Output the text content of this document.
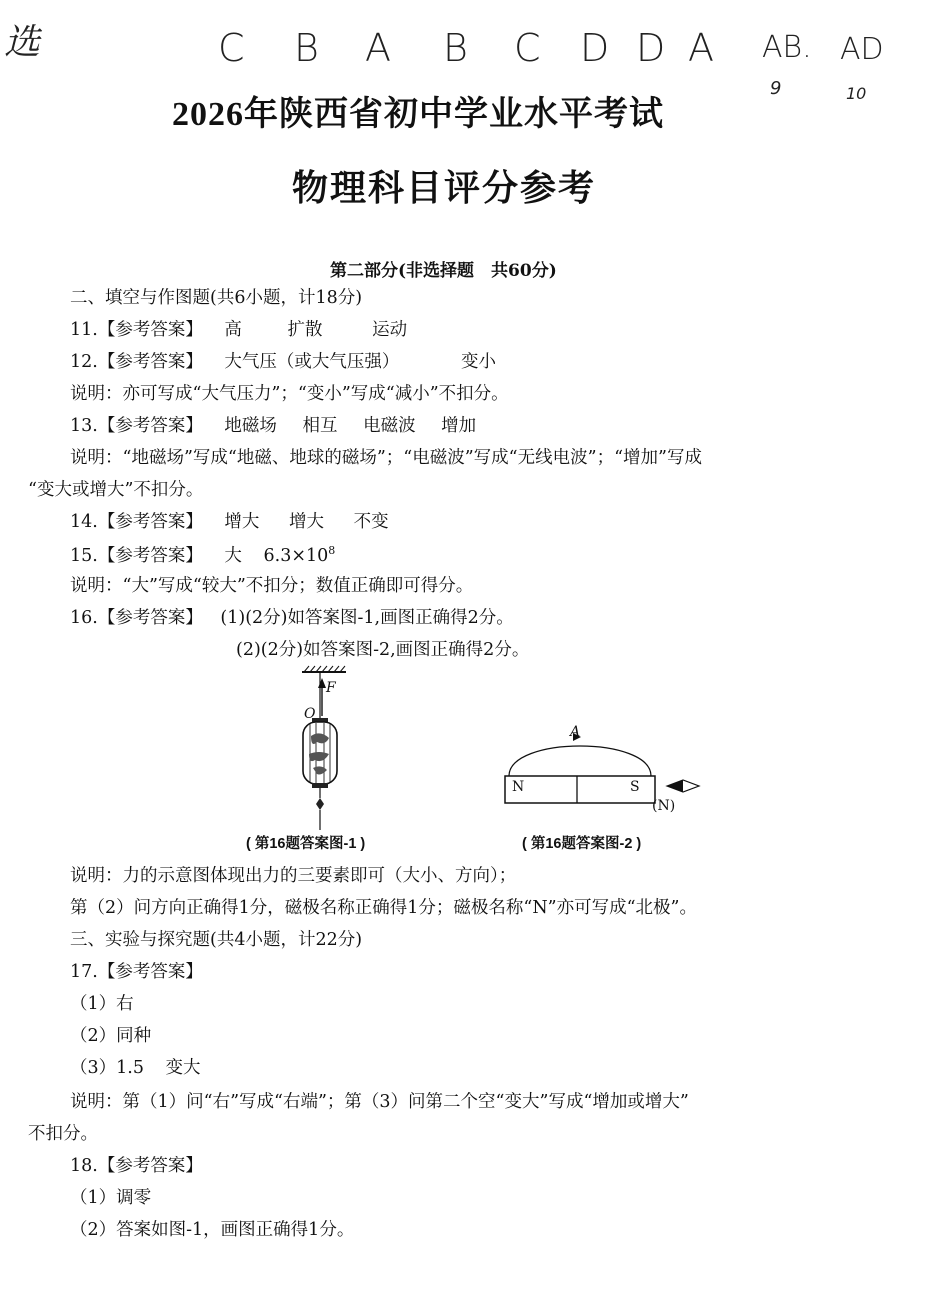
选	C B A B C D D A AB. AD
9	10
2026年陕西省初中学业水平考试
物理科目评分参考
第二部分(非选择题　共60分)
二、填空与作图题(共6小题，计18分)
11.【参考答案】 高	扩散	运动
12.【参考答案】 大气压（或大气压强）	变小
说明：亦可写成“大气压力”；“变小”写成“减小”不扣分。
13.【参考答案】 地磁场 相互 电磁波 增加
说明：“地磁场”写成“地磁、地球的磁场”；“电磁波”写成“无线电波”；“增加”写成
“变大或增大”不扣分。
14.【参考答案】 增大 增大 不变
15.【参考答案】 大 $6.3\times 10^8$
说明：“大”写成“较大”不扣分；数值正确即可得分。
16.【参考答案】 (1)(2分)如答案图-1,画图正确得2分。
(2)(2分)如答案图-2,画图正确得2分。
F
O
( 第16题答案图-1 )
A
N	S
(N)
( 第16题答案图-2 )
说明：力的示意图体现出力的三要素即可（大小、方向）；
第（2）问方向正确得1分，磁极名称正确得1分；磁极名称“N”亦可写成“北极”。
三、实验与探究题(共4小题，计22分)
17.【参考答案】
（1）右
（2）同种
（3）1.5 变大
说明：第（1）问“右”写成“右端”；第（3）问第二个空“变大”写成“增加或增大”
不扣分。
18.【参考答案】
（1）调零
（2）答案如图-1，画图正确得1分。
